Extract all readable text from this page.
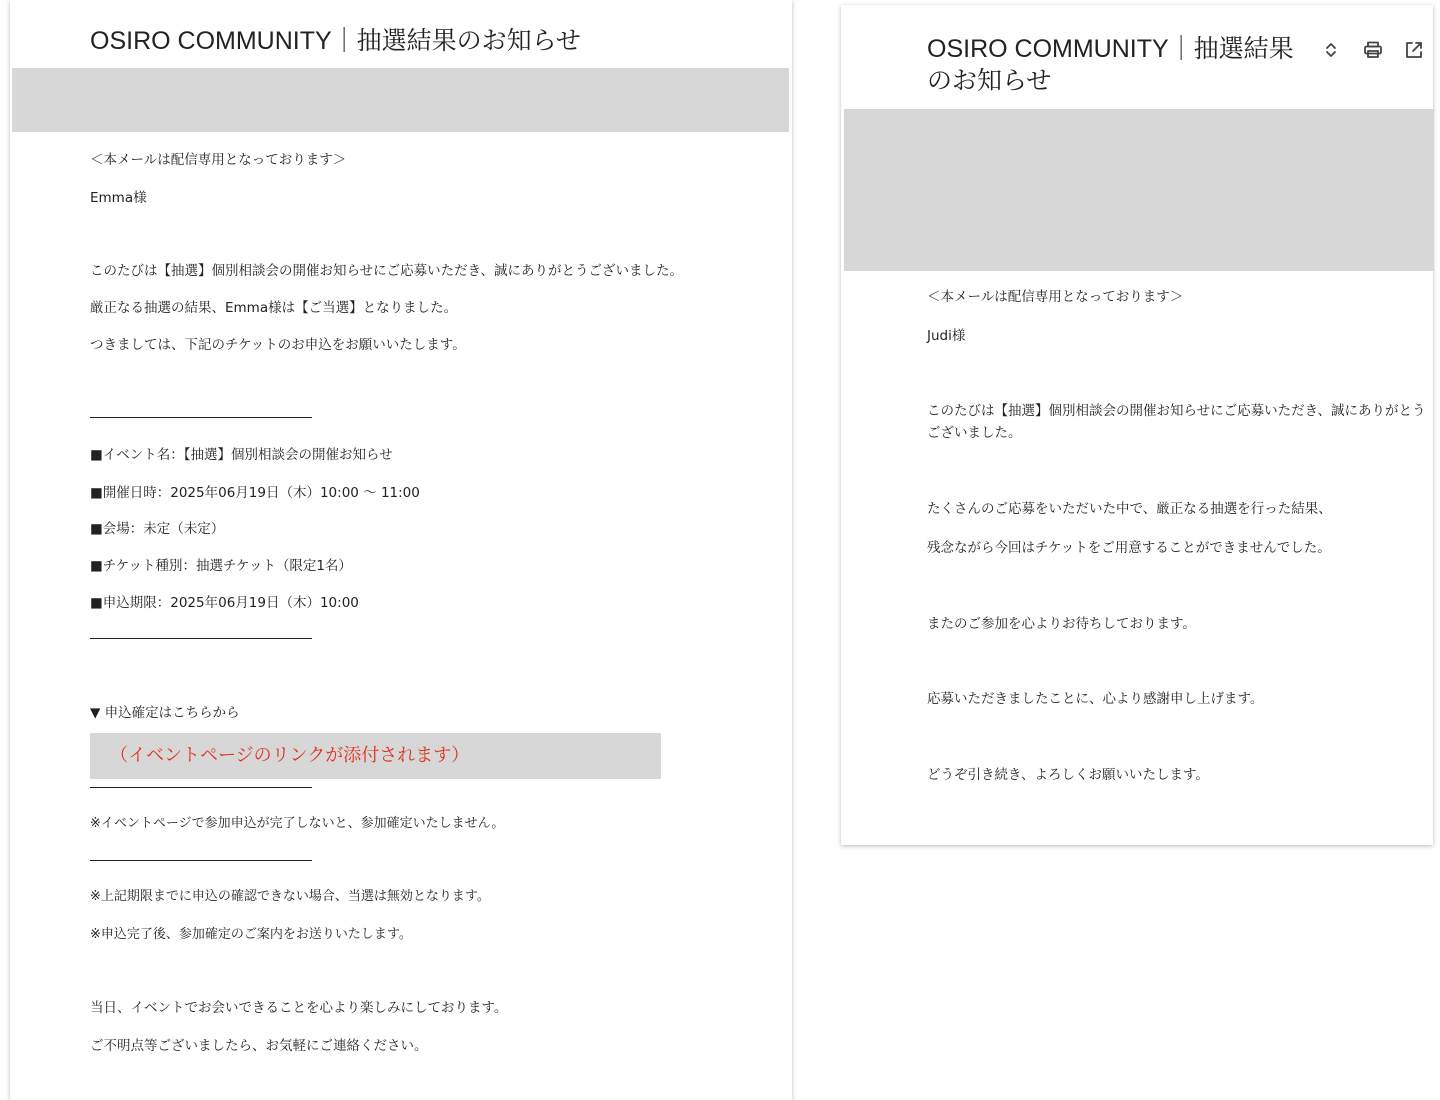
OSIRO COMMUNITY｜抽選結果のお知らせ

＜本メールは配信専用となっております＞

Emma様

このたびは【抽選】個別相談会の開催お知らせにご応募いただき、誠にありがとうございました。

厳正なる抽選の結果、Emma様は【ご当選】となりました。

つきましては、下記のチケットのお申込をお願いいたします。

■イベント名：【抽選】個別相談会の開催お知らせ

■開催日時：2025年06月19日（木）10:00 〜 11:00

■会場：未定（未定）

■チケット種別：抽選チケット（限定1名）

■申込期限：2025年06月19日（木）10:00

▼ 申込確定はこちらから

（イベントページのリンクが添付されます）

※イベントページで参加申込が完了しないと、参加確定いたしません。

※上記期限までに申込の確認できない場合、当選は無効となります。

※申込完了後、参加確定のご案内をお送りいたします。

当日、イベントでお会いできることを心より楽しみにしております。

ご不明点等ございましたら、お気軽にご連絡ください。

OSIRO COMMUNITY｜抽選結果のお知らせ

＜本メールは配信専用となっております＞

Judi様

このたびは【抽選】個別相談会の開催お知らせにご応募いただき、誠にありがとうございました。

たくさんのご応募をいただいた中で、厳正なる抽選を行った結果、

残念ながら今回はチケットをご用意することができませんでした。

またのご参加を心よりお待ちしております。

応募いただきましたことに、心より感謝申し上げます。

どうぞ引き続き、よろしくお願いいたします。
